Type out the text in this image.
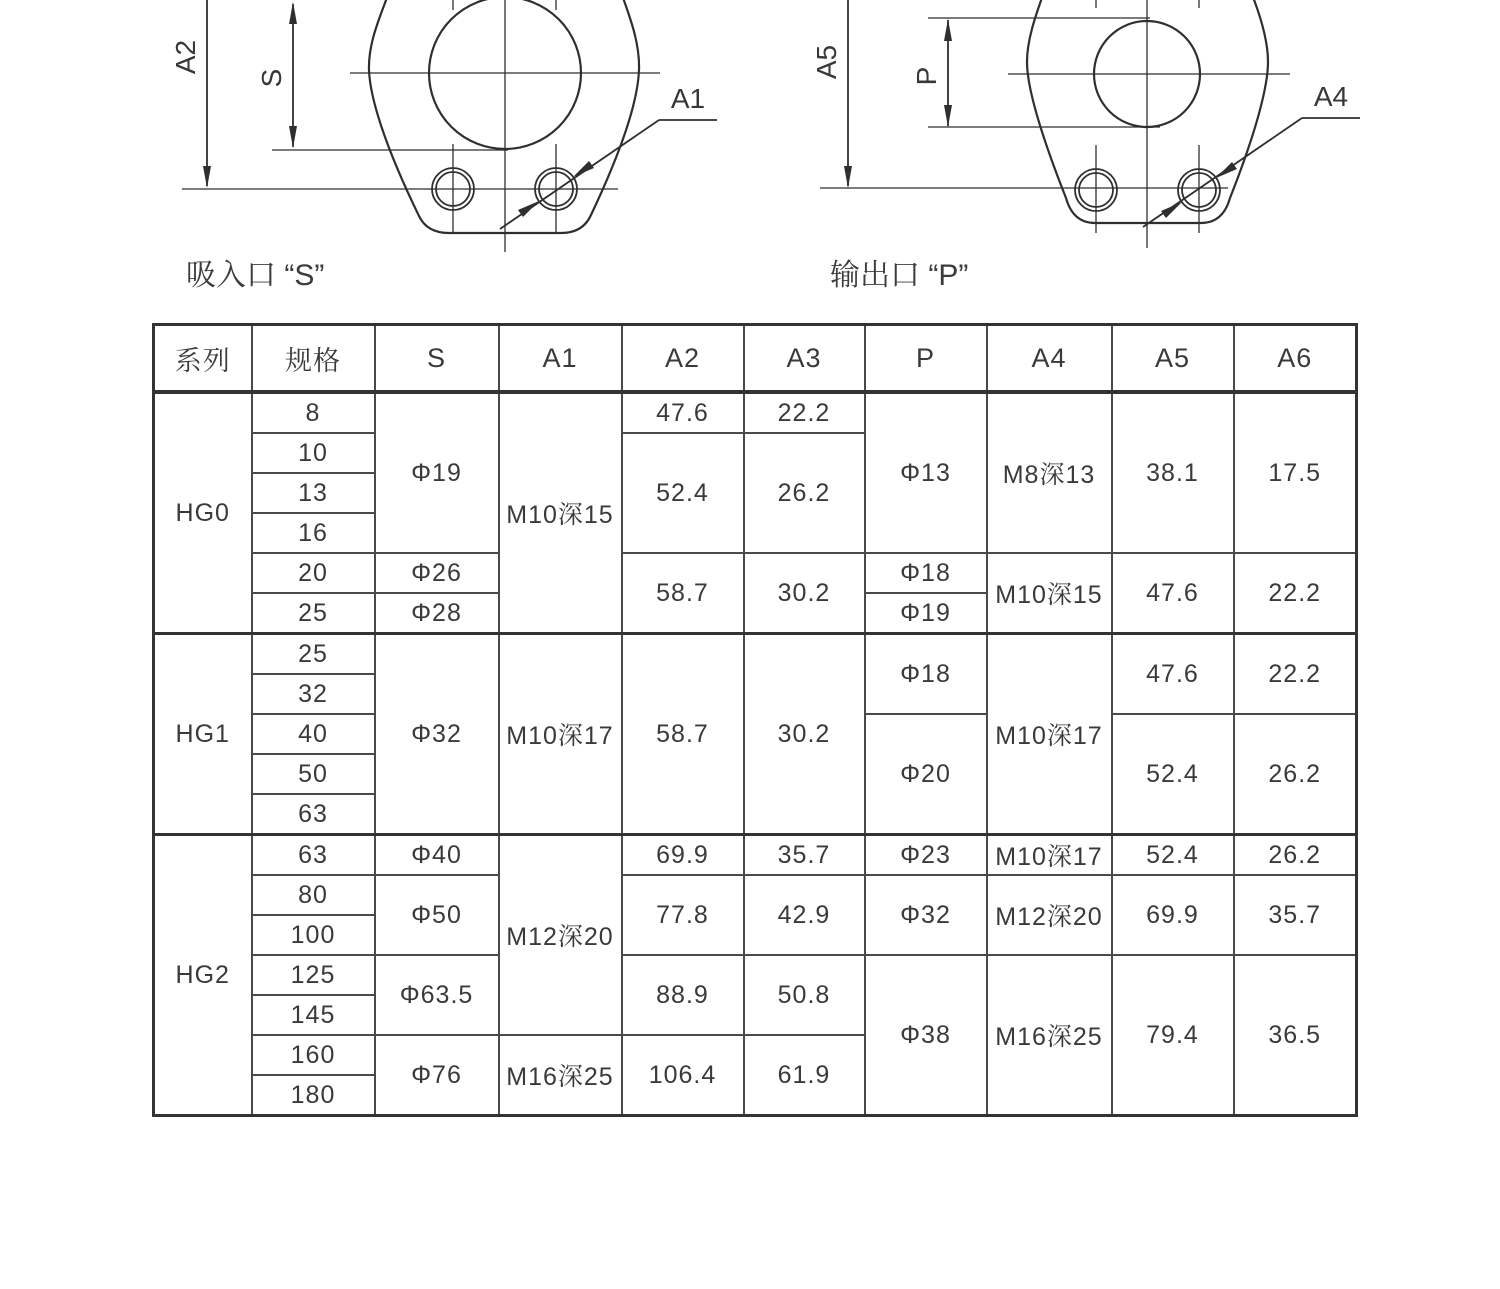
A2
S
A1
A5 P
A4
吸入口 “S”	输出口 “P”
系列	规格	S	A1	A2	A3	P	A4	A5	A6
HG0	8	Φ19	M10深15	47.6	22.2	Φ13	M8深13	38.1	17.5
	10			52.4	26.2				
	13								
	16								
	20	Φ26		58.7	30.2	Φ18	M10深15	47.6	22.2
	25	Φ28				Φ19			
HG1	25	Φ32	M10深17	58.7	30.2	Φ18	M10深17	47.6	22.2
	32								
	40					Φ20		52.4	26.2
	50								
	63								
HG2	63	Φ40	M12深20	69.9	35.7	Φ23	M10深17	52.4	26.2
	80	Φ50		77.8	42.9	Φ32	M12深20	69.9	35.7
	100								
	125	Φ63.5		88.9	50.8	Φ38	M16深25	79.4	36.5
	145								
	160	Φ76	M16深25	106.4	61.9				
	180								
